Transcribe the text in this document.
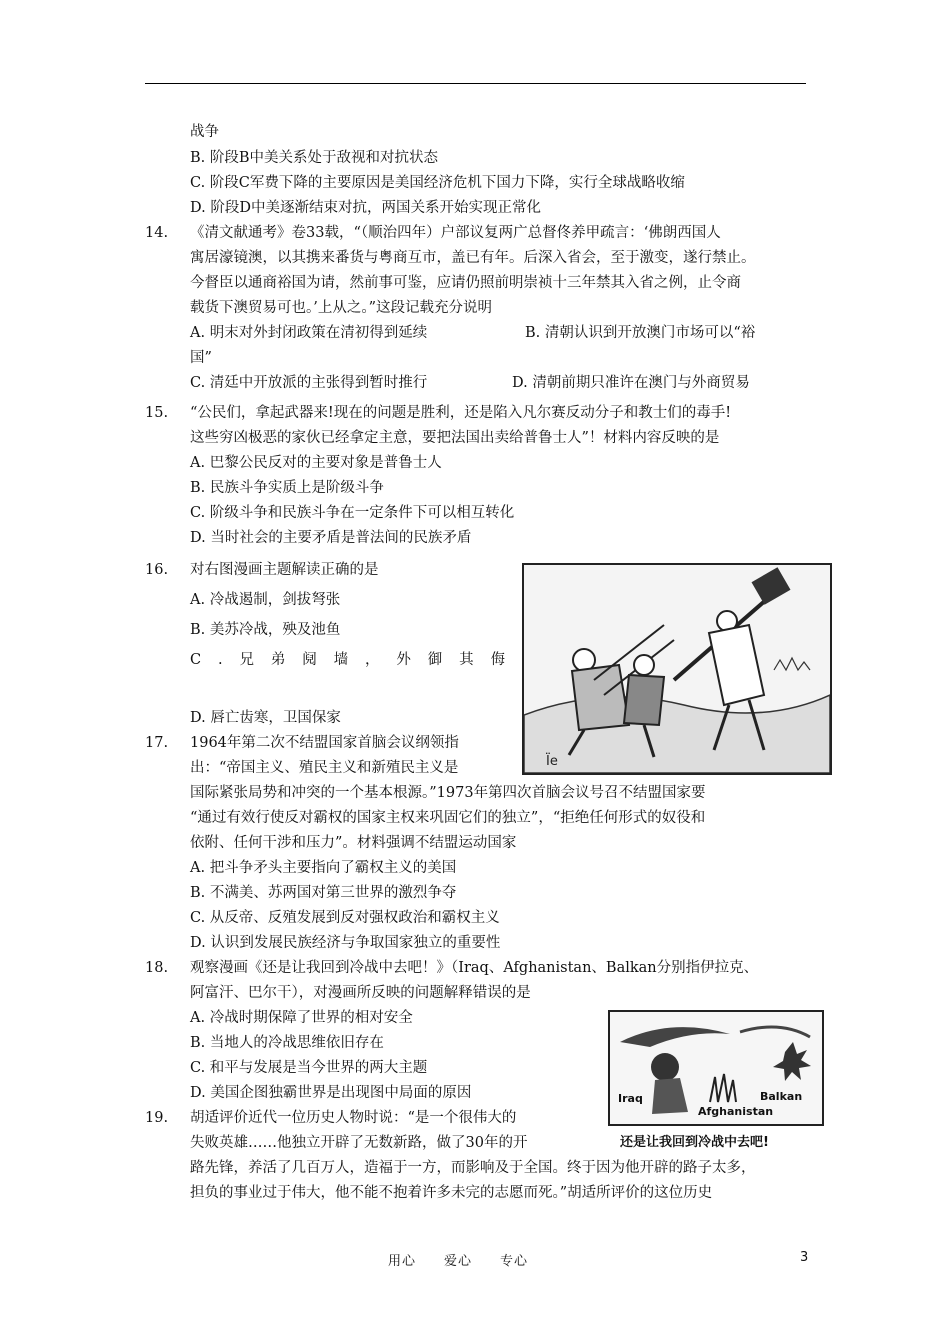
战争
B. 阶段B中美关系处于敌视和对抗状态
C. 阶段C军费下降的主要原因是美国经济危机下国力下降，实行全球战略收缩
D. 阶段D中美逐渐结束对抗，两国关系开始实现正常化
14. 《清文献通考》卷33载，“（顺治四年）户部议复两广总督佟养甲疏言：‘佛朗西国人
寓居濠镜澳，以其携来番货与粤商互市，盖已有年。后深入省会，至于激变，遂行禁止。
今督臣以通商裕国为请，然前事可鉴，应请仍照前明崇祯十三年禁其入省之例，止令商
载货下澳贸易可也。’上从之。”这段记载充分说明
A. 明末对外封闭政策在清初得到延续	B. 清朝认识到开放澳门市场可以“裕
国”
C. 清廷中开放派的主张得到暂时推行	D. 清朝前期只准许在澳门与外商贸易
15. “公民们，拿起武器来!现在的问题是胜利，还是陷入凡尔赛反动分子和教士们的毒手!
这些穷凶极恶的家伙已经拿定主意，要把法国出卖给普鲁士人”！材料内容反映的是
A. 巴黎公民反对的主要对象是普鲁士人
B. 民族斗争实质上是阶级斗争
C. 阶级斗争和民族斗争在一定条件下可以相互转化
D. 当时社会的主要矛盾是普法间的民族矛盾
16. 对右图漫画主题解读正确的是
A. 冷战遏制，剑拔弩张
B. 美苏冷战，殃及池鱼
C . 兄 弟 阋 墙 ， 外 御 其 侮
D. 唇亡齿寒，卫国保家
Ïe
17. 1964年第二次不结盟国家首脑会议纲领指
出：“帝国主义、殖民主义和新殖民主义是
国际紧张局势和冲突的一个基本根源。”1973年第四次首脑会议号召不结盟国家要
“通过有效行使反对霸权的国家主权来巩固它们的独立”，“拒绝任何形式的奴役和
依附、任何干涉和压力”。材料强调不结盟运动国家
A. 把斗争矛头主要指向了霸权主义的美国
B. 不满美、苏两国对第三世界的激烈争夺
C. 从反帝、反殖发展到反对强权政治和霸权主义
D. 认识到发展民族经济与争取国家独立的重要性
18. 观察漫画《还是让我回到冷战中去吧！》（Iraq、Afghanistan、Balkan分别指伊拉克、
阿富汗、巴尔干），对漫画所反映的问题解释错误的是
A. 冷战时期保障了世界的相对安全
B. 当地人的冷战思维依旧存在
C. 和平与发展是当今世界的两大主题
D. 美国企图独霸世界是出现图中局面的原因	Iraq	Balkan
Afghanistan
还是让我回到冷战中去吧!
19. 胡适评价近代一位历史人物时说：“是一个很伟大的
失败英雄……他独立开辟了无数新路，做了30年的开
路先锋，养活了几百万人，造福于一方，而影响及于全国。终于因为他开辟的路子太多，
担负的事业过于伟大，他不能不抱着许多未完的志愿而死。”胡适所评价的这位历史
用心　　爱心　　专心	3
